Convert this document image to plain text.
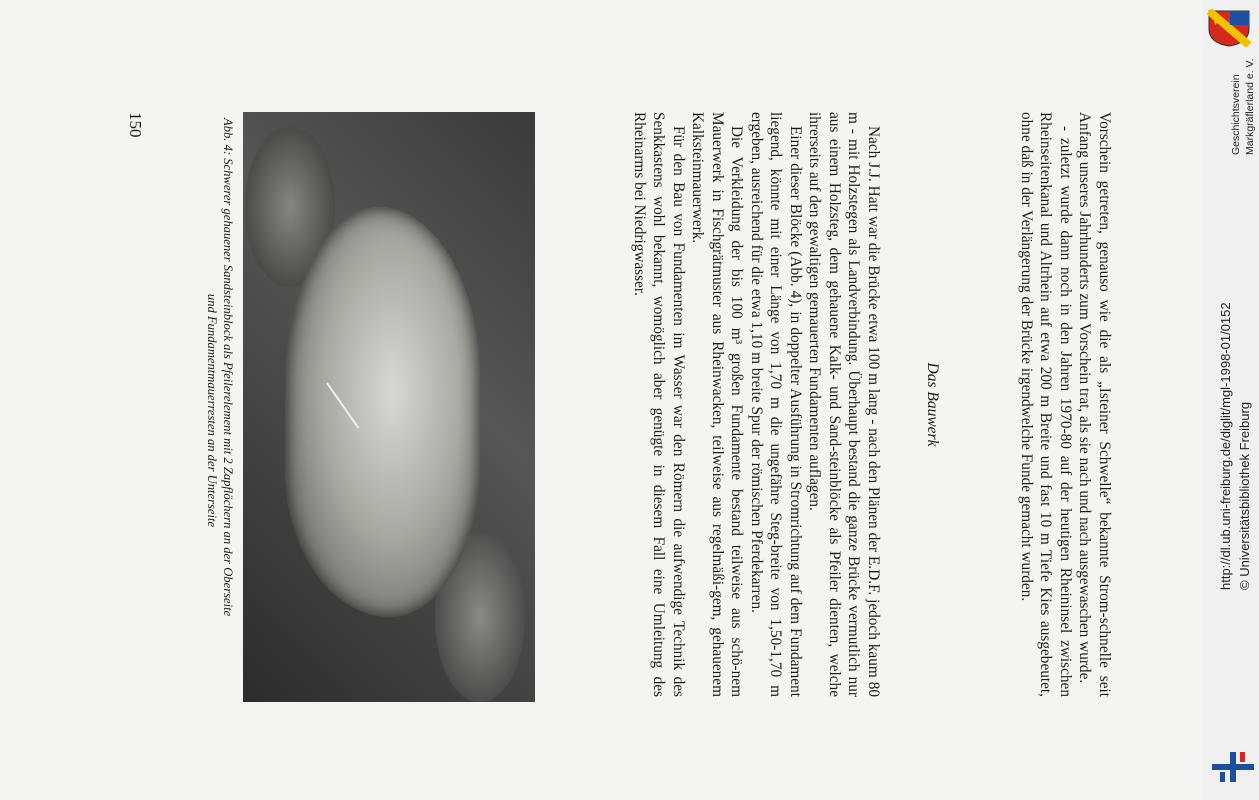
Vorschein getreten, genauso wie die als „Isteiner Schwelle“ bekannte Strom-schnelle seit Anfang unseres Jahrhunderts zum Vorschein trat, als sie nach und nach ausgewaschen wurde.

- zuletzt wurde dann noch in den Jahren 1970-80 auf der heutigen Rheininsel zwischen Rheinseitenkanal und Altrhein auf etwa 200 m Breite und fast 10 m Tiefe Kies ausgebeutet, ohne daß in der Verlängerung der Brücke irgendwelche Funde gemacht wurden.

Das Bauwerk

Nach J.J. Hatt war die Brücke etwa 100 m lang - nach den Plänen der E.D.F. jedoch kaum 80 m - mit Holzstegen als Landverbindung. Überhaupt bestand die ganze Brücke vermutlich nur aus einem Holzsteg, dem gehauene Kalk- und Sand-steinblöcke als Pfeiler dienten, welche ihrerseits auf den gewaltigen gemauerten Fundamenten auflagen.

Einer dieser Blöcke (Abb. 4), in doppelter Ausführung in Stromrichtung auf dem Fundament liegend, könnte mit einer Länge von 1,70 m die ungefähre Steg-breite von 1,50-1,70 m ergeben, ausreichend für die etwa 1,10 m breite Spur der römischen Pferdekarren.

Die Verkleidung der bis 100 m³ großen Fundamente bestand teilweise aus schö-nem Mauerwerk in Fischgrätmuster aus Rheinwacken, teilweise aus regelmäßi-gem, gehauenem Kalksteinmauerwerk.

Für den Bau von Fundamenten im Wasser war den Römern die aufwendige Technik des Senkkastens wohl bekannt, womöglich aber genügte in diesem Fall eine Umleitung des Rheinarms bei Niedrigwasser.

Abb. 4: Schwerer gehauener Sandsteinblock als Pfeilerelement mit 2 Zapflöchern an der Oberseite
und Fundamentmauerresten an der Unterseite
150	Geschichtsverein Markgräflerland e. V.
http://dl.ub.uni-freiburg.de/diglit/mgl-1998-01/0152 © Universitätsbibliothek Freiburg
